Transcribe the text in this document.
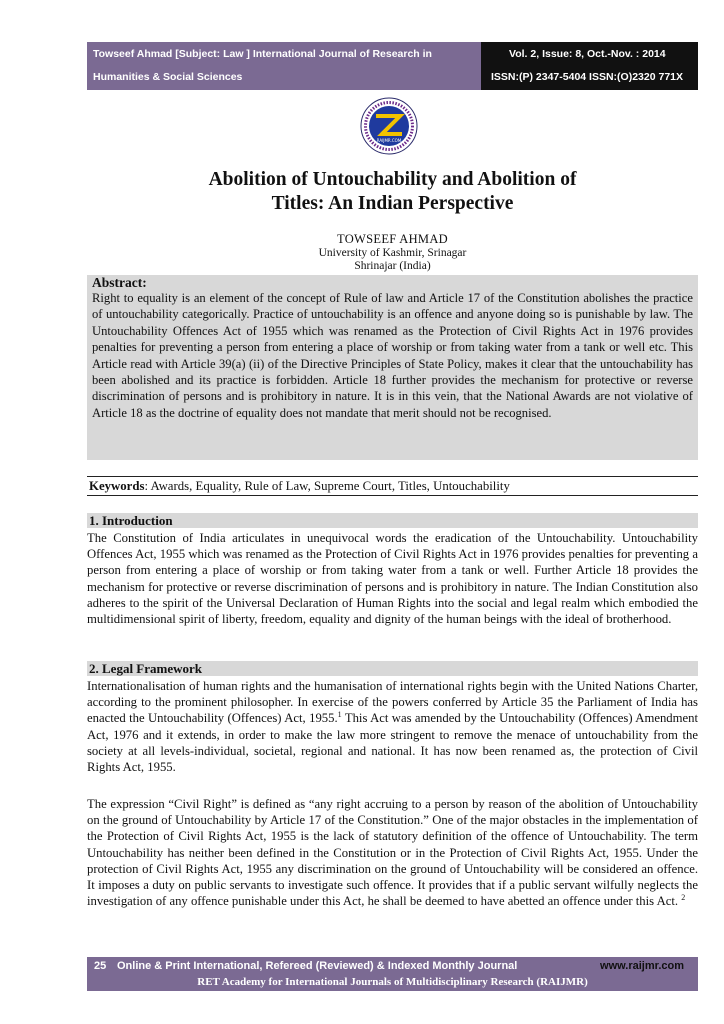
Towseef Ahmad [Subject: Law ] International Journal of Research in
Humanities & Social Sciences
Vol. 2, Issue: 8, Oct.-Nov. : 2014
ISSN:(P) 2347-5404 ISSN:(O)2320 771X
RAIJMR.COM
Abolition of Untouchability and Abolition of
Titles: An Indian Perspective
TOWSEEF AHMAD
University of Kashmir, Srinagar
Shrinajar (India)
Abstract:

Right to equality is an element of the concept of Rule of law and Article 17 of the Constitution abolishes the practice of untouchability categorically. Practice of untouchability is an offence and anyone doing so is punishable by law. The Untouchability Offences Act of 1955 which was renamed as the Protection of Civil Rights Act in 1976 provides penalties for preventing a person from entering a place of worship or from taking water from a tank or well etc. This Article read with Article 39(a) (ii) of the Directive Principles of State Policy, makes it clear that the untouchability has been abolished and its practice is forbidden. Article 18 further provides the mechanism for protective or reverse discrimination of persons and is prohibitory in nature. It is in this vein, that the National Awards are not violative of Article 18 as the doctrine of equality does not mandate that merit should not be recognised.

Keywords: Awards, Equality, Rule of Law, Supreme Court, Titles, Untouchability
1. Introduction

The Constitution of India articulates in unequivocal words the eradication of the Untouchability. Untouchability Offences Act, 1955 which was renamed as the Protection of Civil Rights Act in 1976 provides penalties for preventing a person from entering a place of worship or from taking water from a tank or well. Further Article 18 provides the mechanism for protective or reverse discrimination of persons and is prohibitory in nature. The Indian Constitution also adheres to the spirit of the Universal Declaration of Human Rights into the social and legal realm which embodied the multidimensional spirit of liberty, freedom, equality and dignity of the human beings with the ideal of brotherhood.

2. Legal Framework

Internationalisation of human rights and the humanisation of international rights begin with the United Nations Charter, according to the prominent philosopher. In exercise of the powers conferred by Article 35 the Parliament of India has enacted the Untouchability (Offences) Act, 1955.$^1$ This Act was amended by the Untouchability (Offences) Amendment Act, 1976 and it extends, in order to make the law more stringent to remove the menace of untouchability from the society at all levels-individual, societal, regional and national. It has now been renamed as, the protection of Civil Rights Act, 1955.

The expression “Civil Right” is defined as “any right accruing to a person by reason of the abolition of Untouchability on the ground of Untouchability by Article 17 of the Constitution.” One of the major obstacles in the implementation of the Protection of Civil Rights Act, 1955 is the lack of statutory definition of the offence of Untouchability. The term Untouchability has neither been defined in the Constitution or in the Protection of Civil Rights Act, 1955. Under the protection of Civil Rights Act, 1955 any discrimination on the ground of Untouchability will be considered an offence. It imposes a duty on public servants to investigate such offence. It provides that if a public servant wilfully neglects the investigation of any offence punishable under this Act, he shall be deemed to have abetted an offence under this Act. $^2$

25 Online & Print International, Refereed (Reviewed) & Indexed Monthly Journal	www.raijmr.com
RET Academy for International Journals of Multidisciplinary Research (RAIJMR)
